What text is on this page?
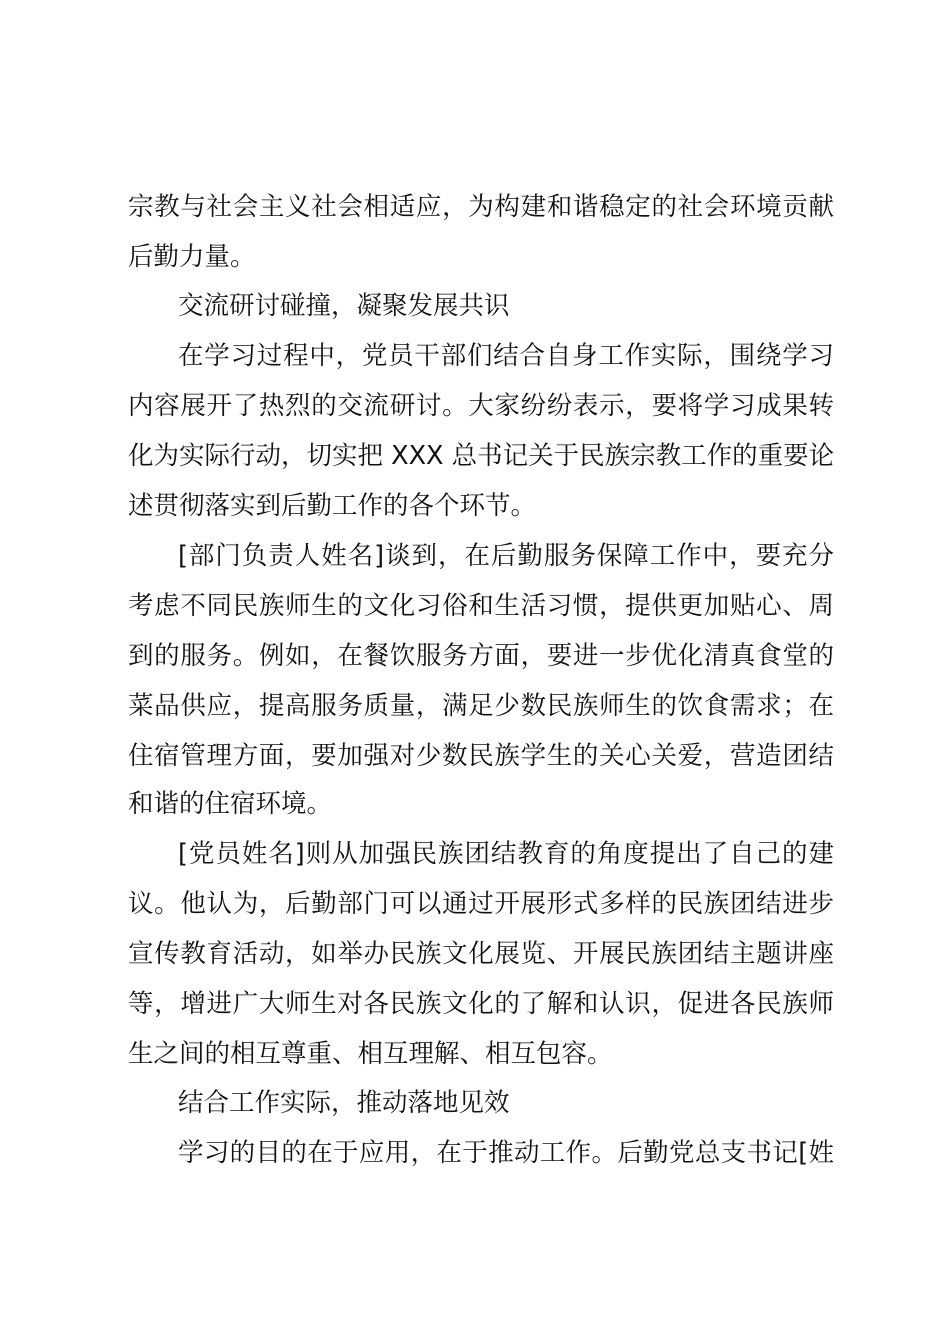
宗教与社会主义社会相适应，为构建和谐稳定的社会环境贡献
后勤力量。
交流研讨碰撞，凝聚发展共识
在学习过程中，党员干部们结合自身工作实际，围绕学习
内容展开了热烈的交流研讨。大家纷纷表示，要将学习成果转
化为实际行动，切实把 XXX 总书记关于民族宗教工作的重要论
述贯彻落实到后勤工作的各个环节。
[部门负责人姓名]谈到，在后勤服务保障工作中，要充分
考虑不同民族师生的文化习俗和生活习惯，提供更加贴心、周
到的服务。例如，在餐饮服务方面，要进一步优化清真食堂的
菜品供应，提高服务质量，满足少数民族师生的饮食需求；在
住宿管理方面，要加强对少数民族学生的关心关爱，营造团结
和谐的住宿环境。
[党员姓名]则从加强民族团结教育的角度提出了自己的建
议。他认为，后勤部门可以通过开展形式多样的民族团结进步
宣传教育活动，如举办民族文化展览、开展民族团结主题讲座
等，增进广大师生对各民族文化的了解和认识，促进各民族师
生之间的相互尊重、相互理解、相互包容。
结合工作实际，推动落地见效
学习的目的在于应用，在于推动工作。后勤党总支书记[姓
